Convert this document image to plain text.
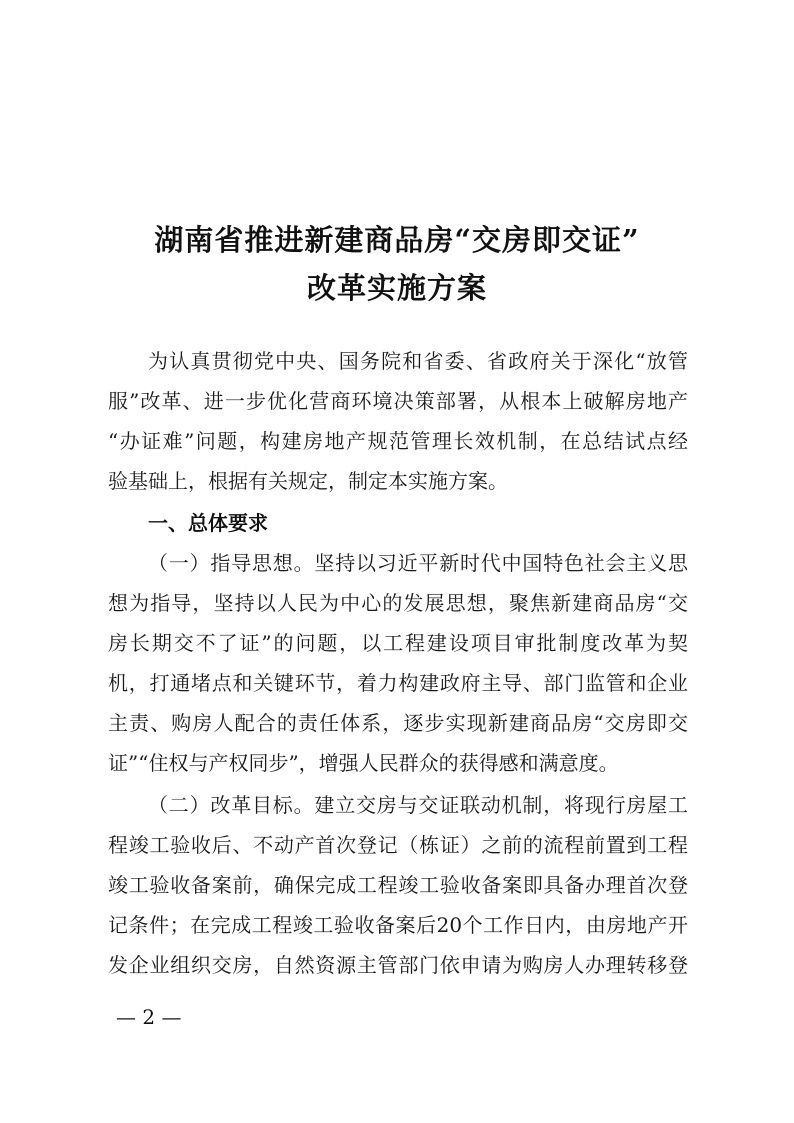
湖南省推进新建商品房“交房即交证”
改革实施方案
为认真贯彻党中央、国务院和省委、省政府关于深化“放管
服”改革、进一步优化营商环境决策部署，从根本上破解房地产
“办证难”问题，构建房地产规范管理长效机制，在总结试点经
验基础上，根据有关规定，制定本实施方案。
一、总体要求
（一）指导思想。坚持以习近平新时代中国特色社会主义思
想为指导，坚持以人民为中心的发展思想，聚焦新建商品房“交
房长期交不了证”的问题，以工程建设项目审批制度改革为契
机，打通堵点和关键环节，着力构建政府主导、部门监管和企业
主责、购房人配合的责任体系，逐步实现新建商品房“交房即交
证”“住权与产权同步”，增强人民群众的获得感和满意度。
（二）改革目标。建立交房与交证联动机制，将现行房屋工
程竣工验收后、不动产首次登记（栋证）之前的流程前置到工程
竣工验收备案前，确保完成工程竣工验收备案即具备办理首次登
记条件；在完成工程竣工验收备案后20个工作日内，由房地产开
发企业组织交房，自然资源主管部门依申请为购房人办理转移登
— 2 —
